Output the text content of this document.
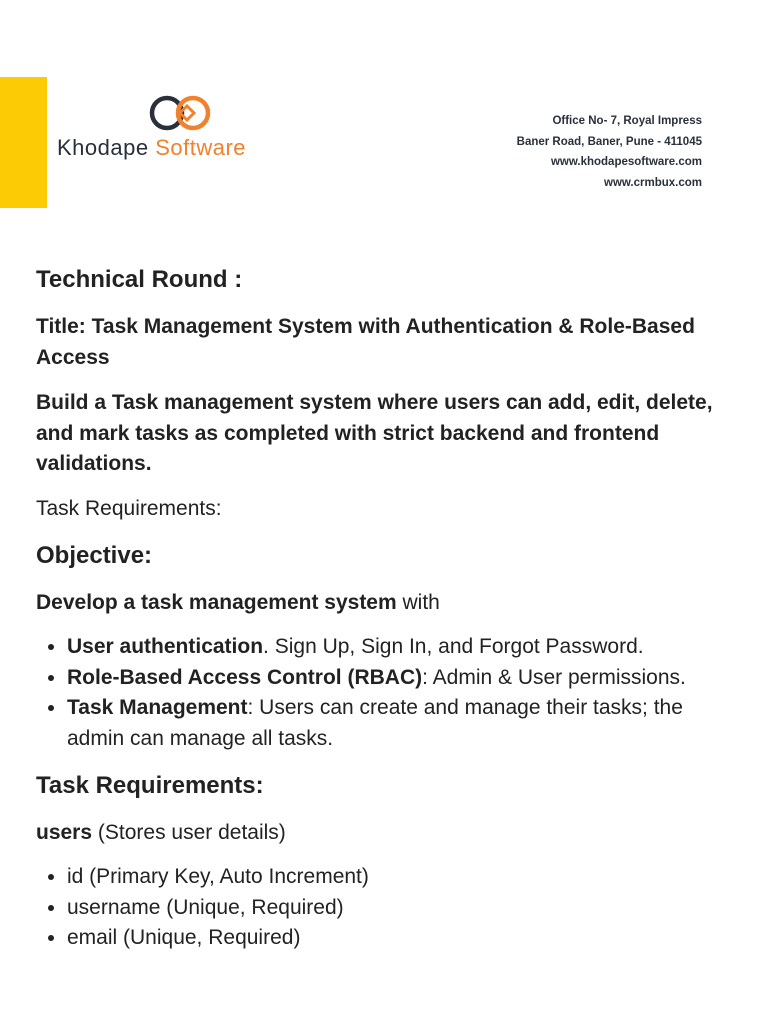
Khodape Software
Office No- 7, Royal Impress
Baner Road, Baner, Pune - 411045
www.khodapesoftware.com
www.crmbux.com

Technical Round :

Title: Task Management System with Authentication & Role-Based Access

Build a Task management system where users can add, edit, delete, and mark tasks as completed with strict backend and frontend validations.

Task Requirements:

Objective:

Develop a task management system with

• User authentication. Sign Up, Sign In, and Forgot Password.
• Role-Based Access Control (RBAC): Admin & User permissions.
• Task Management: Users can create and manage their tasks; the admin can manage all tasks.

Task Requirements:

users (Stores user details)

• id (Primary Key, Auto Increment)
• username (Unique, Required)
• email (Unique, Required)
